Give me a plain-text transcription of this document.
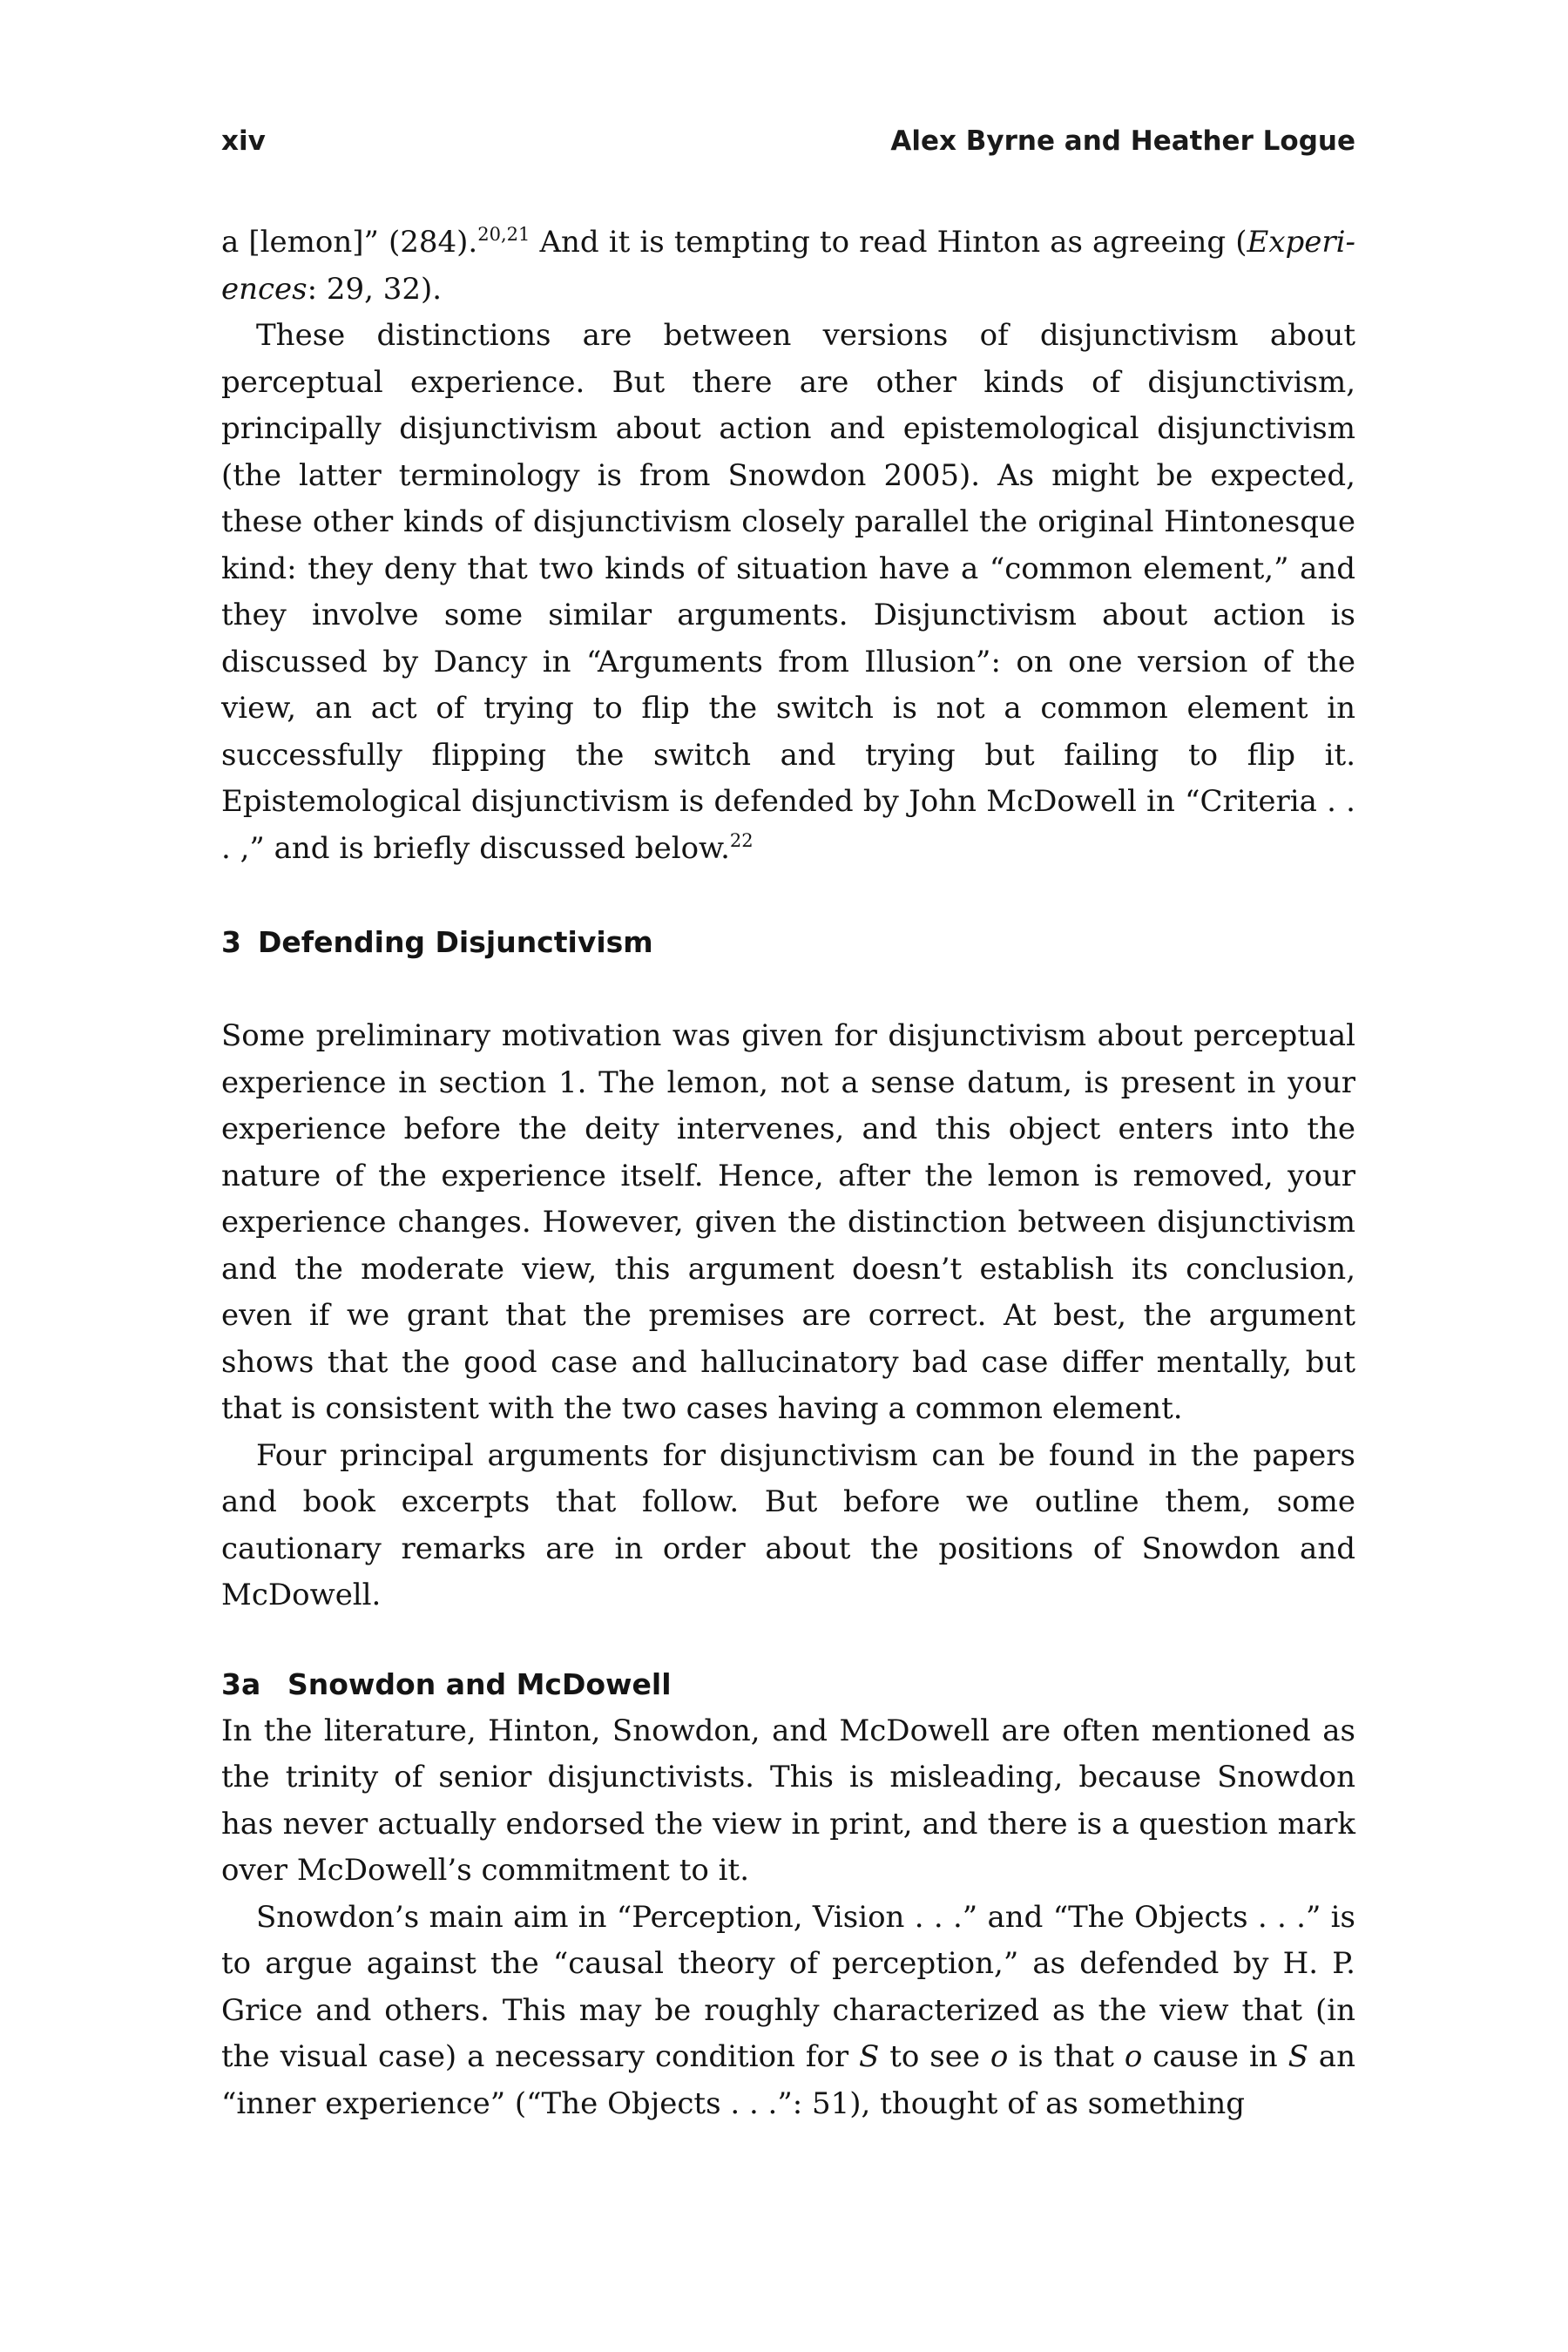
xiv	Alex Byrne and Heather Logue

a [lemon]” (284).$^{20,21}$ And it is tempting to read Hinton as agreeing (Experiences: 29, 32).

These distinctions are between versions of disjunctivism about perceptual experience. But there are other kinds of disjunctivism, principally disjunctivism about action and epistemological disjunctivism (the latter terminology is from Snowdon 2005). As might be expected, these other kinds of disjunctivism closely parallel the original Hintonesque kind: they deny that two kinds of situation have a “common element,” and they involve some similar arguments. Disjunctivism about action is discussed by Dancy in “Arguments from Illusion”: on one version of the view, an act of trying to flip the switch is not a common element in successfully flipping the switch and trying but failing to flip it. Epistemological disjunctivism is defended by John McDowell in “Criteria . . . ,” and is briefly discussed below.$^{22}$

3 Defending Disjunctivism

Some preliminary motivation was given for disjunctivism about perceptual experience in section 1. The lemon, not a sense datum, is present in your experience before the deity intervenes, and this object enters into the nature of the experience itself. Hence, after the lemon is removed, your experience changes. However, given the distinction between disjunctivism and the moderate view, this argument doesn’t establish its conclusion, even if we grant that the premises are correct. At best, the argument shows that the good case and hallucinatory bad case differ mentally, but that is consistent with the two cases having a common element.

Four principal arguments for disjunctivism can be found in the papers and book excerpts that follow. But before we outline them, some cautionary remarks are in order about the positions of Snowdon and McDowell.

3a Snowdon and McDowell

In the literature, Hinton, Snowdon, and McDowell are often mentioned as the trinity of senior disjunctivists. This is misleading, because Snowdon has never actually endorsed the view in print, and there is a question mark over McDowell’s commitment to it.

Snowdon’s main aim in “Perception, Vision . . .” and “The Objects . . .” is to argue against the “causal theory of perception,” as defended by H. P. Grice and others. This may be roughly characterized as the view that (in the visual case) a necessary condition for S to see o is that o cause in S an “inner experience” (“The Objects . . .”: 51), thought of as something
